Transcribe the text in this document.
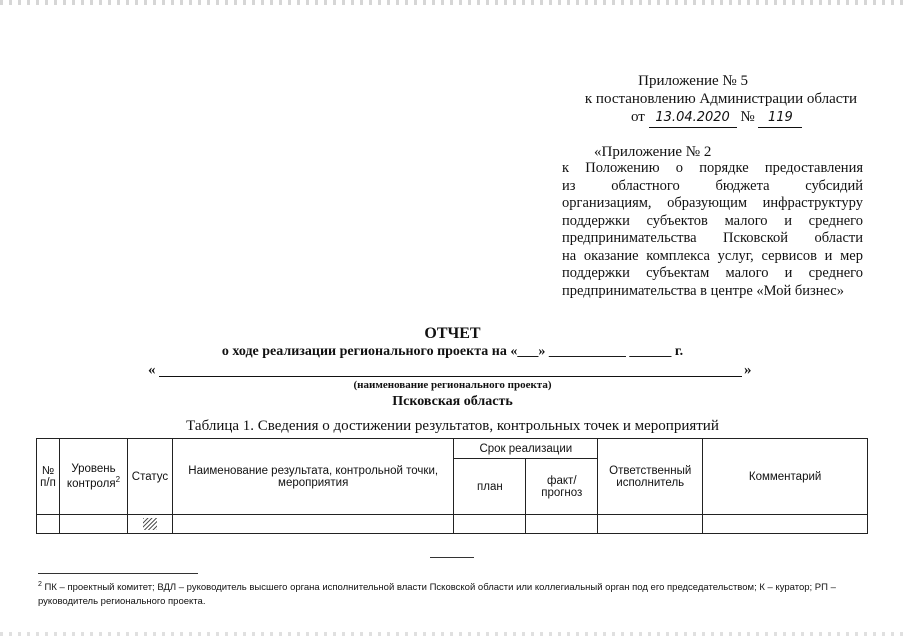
Приложение № 5
к постановлению Администрации области
от 13.04.2020 № 119
«Приложение № 2
к Положению о порядке предоставления
из областного бюджета субсидий
организациям, образующим инфраструктуру
поддержки субъектов малого и среднего
предпринимательства Псковской области
на оказание комплекса услуг, сервисов и мер
поддержки субъектам малого и среднего
предпринимательства в центре «Мой бизнес»
ОТЧЕТ
о ходе реализации регионального проекта на «___» ___________ ______ г.
«	»
(наименование регионального проекта)
Псковская область
Таблица 1. Сведения о достижении результатов, контрольных точек и мероприятий
№ п/п	Уровень контроля$^2$	Статус	Наименование результата, контрольной точки, мероприятия	Срок реализации		Ответственный исполнитель	Комментарий
				план	факт/ прогноз		

$^2$ ПК – проектный комитет; ВДЛ – руководитель высшего органа исполнительной власти Псковской области или коллегиальный орган под его председательством; К – куратор; РП – руководитель регионального проекта.
